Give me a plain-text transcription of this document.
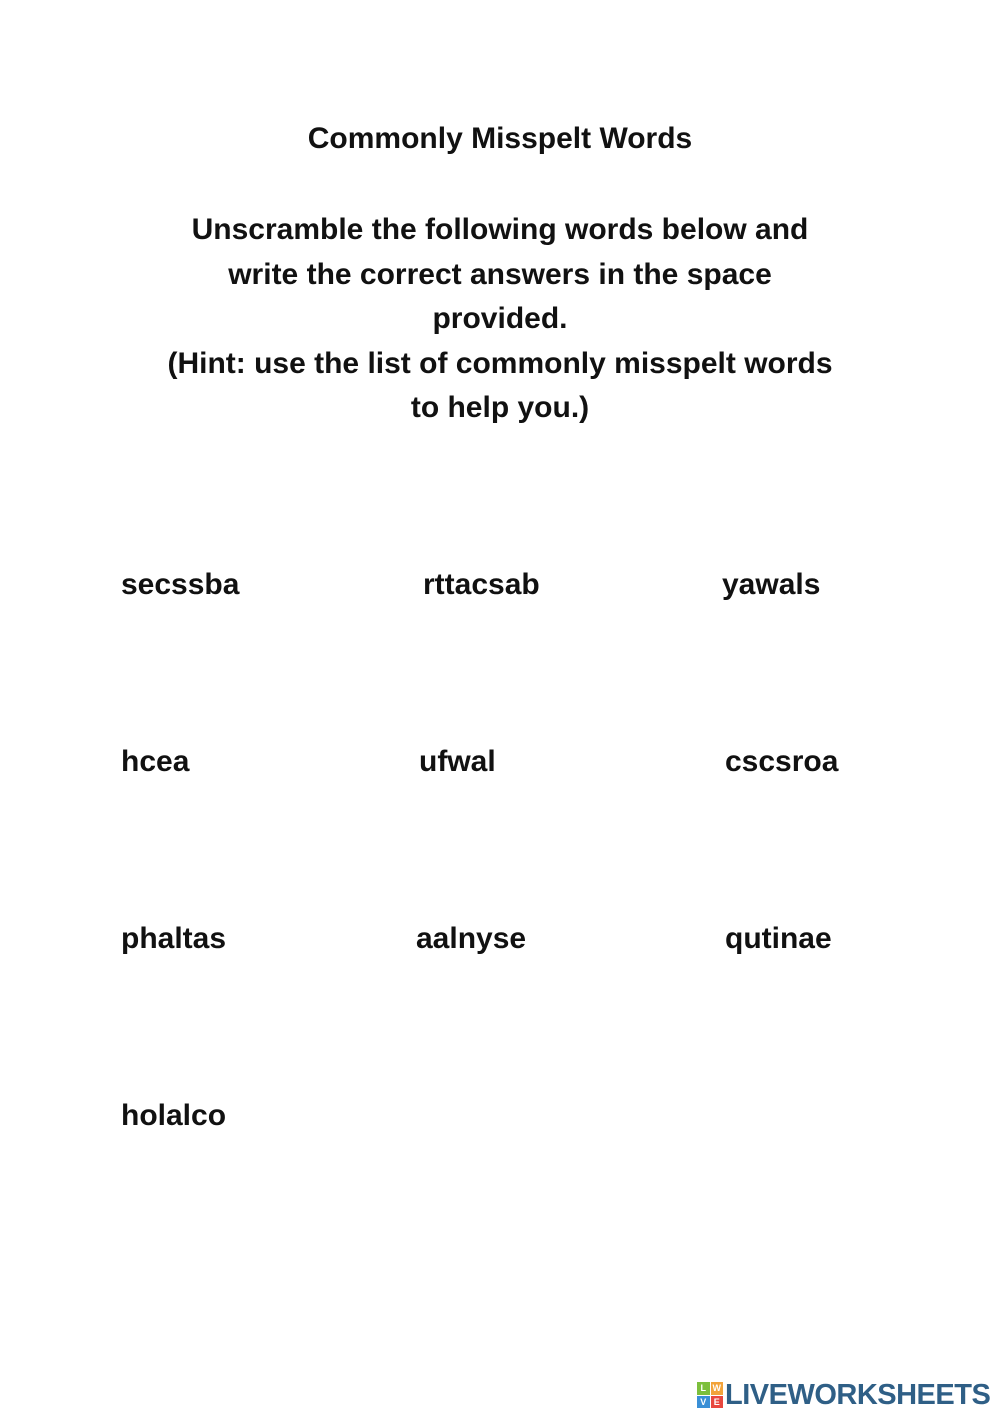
Commonly Misspelt Words
Unscramble the following words below and
write the correct answers in the space
provided.
(Hint: use the list of commonly misspelt words
to help you.)
secssba	rttacsab	yawals
hcea	ufwal	cscsroa
phaltas	aalnyse	qutinae
holalco
L W
V E LIVEWORKSHEETS
